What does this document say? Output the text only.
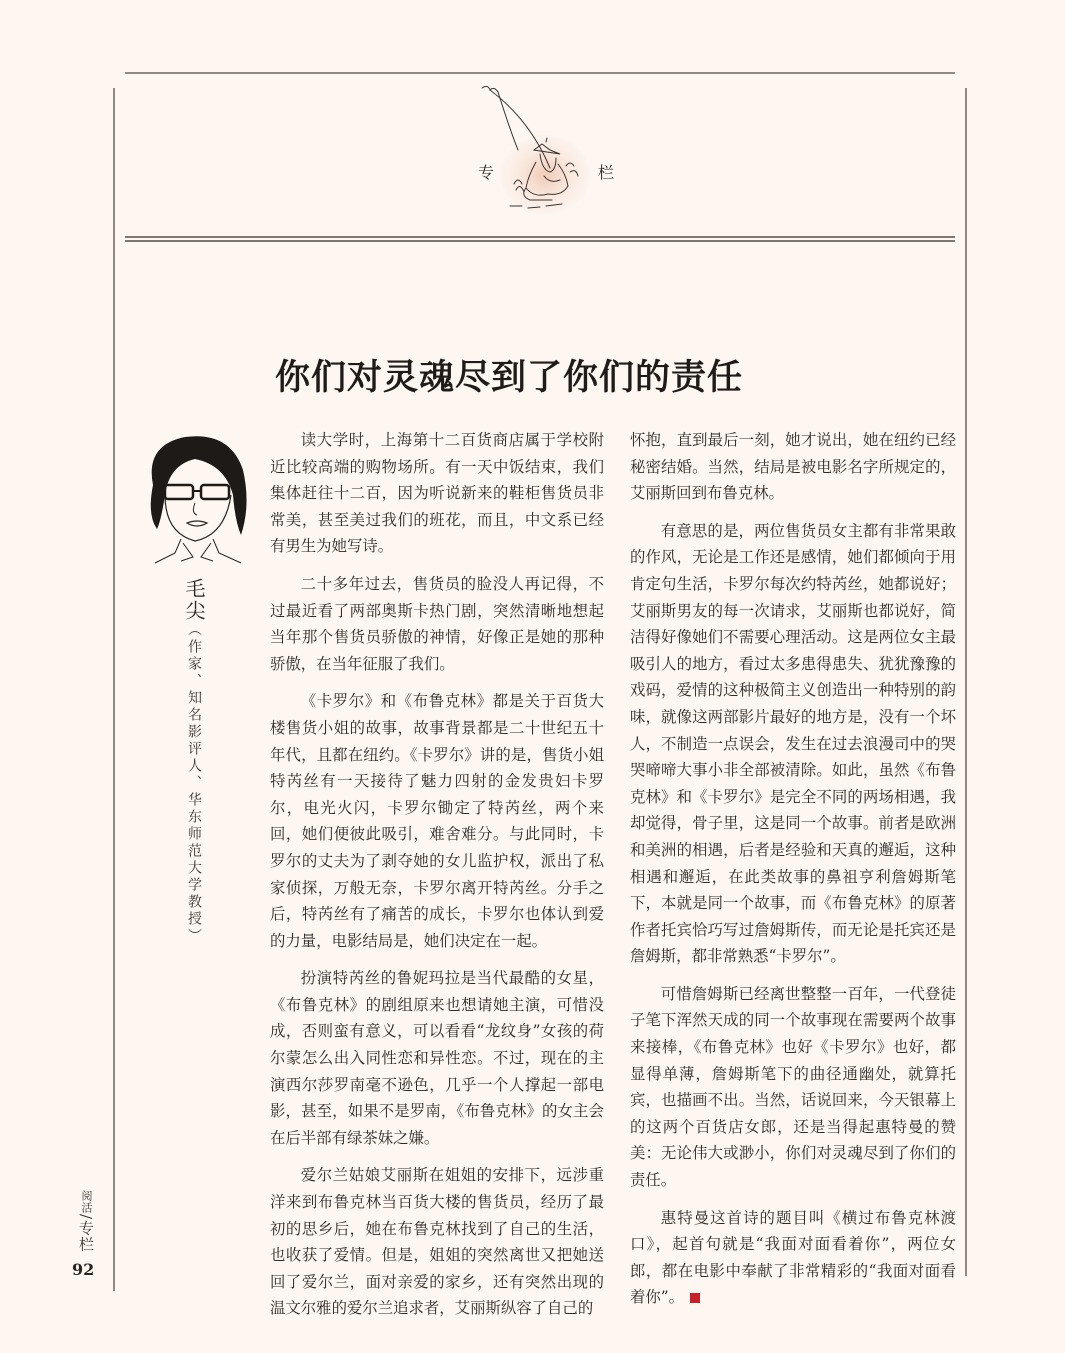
专	栏
你们对灵魂尽到了你们的责任
毛尖（作家、知名影评人、华东师范大学教授）

读大学时，上海第十二百货商店属于学校附近比较高端的购物场所。有一天中饭结束，我们集体赶往十二百，因为听说新来的鞋柜售货员非常美，甚至美过我们的班花，而且，中文系已经有男生为她写诗。

二十多年过去，售货员的脸没人再记得，不过最近看了两部奥斯卡热门剧，突然清晰地想起当年那个售货员骄傲的神情，好像正是她的那种骄傲，在当年征服了我们。

《卡罗尔》和《布鲁克林》都是关于百货大楼售货小姐的故事，故事背景都是二十世纪五十年代，且都在纽约。《卡罗尔》讲的是，售货小姐特芮丝有一天接待了魅力四射的金发贵妇卡罗尔，电光火闪，卡罗尔锄定了特芮丝，两个来回，她们便彼此吸引，难舍难分。与此同时，卡罗尔的丈夫为了剥夺她的女儿监护权，派出了私家侦探，万般无奈，卡罗尔离开特芮丝。分手之后，特芮丝有了痛苦的成长，卡罗尔也体认到爱的力量，电影结局是，她们决定在一起。

扮演特芮丝的鲁妮玛拉是当代最酷的女星，《布鲁克林》的剧组原来也想请她主演，可惜没成，否则蛮有意义，可以看看“龙纹身”女孩的荷尔蒙怎么出入同性恋和异性恋。不过，现在的主演西尔莎罗南毫不逊色，几乎一个人撑起一部电影，甚至，如果不是罗南，《布鲁克林》的女主会在后半部有绿茶妹之嫌。

爱尔兰姑娘艾丽斯在姐姐的安排下，远涉重洋来到布鲁克林当百货大楼的售货员，经历了最初的思乡后，她在布鲁克林找到了自己的生活，也收获了爱情。但是，姐姐的突然离世又把她送回了爱尔兰，面对亲爱的家乡，还有突然出现的温文尔雅的爱尔兰追求者，艾丽斯纵容了自己的

怀抱，直到最后一刻，她才说出，她在纽约已经秘密结婚。当然，结局是被电影名字所规定的，艾丽斯回到布鲁克林。

有意思的是，两位售货员女主都有非常果敢的作风，无论是工作还是感情，她们都倾向于用肯定句生活，卡罗尔每次约特芮丝，她都说好；艾丽斯男友的每一次请求，艾丽斯也都说好，简洁得好像她们不需要心理活动。这是两位女主最吸引人的地方，看过太多患得患失、犹犹豫豫的戏码，爱情的这种极简主义创造出一种特别的韵味，就像这两部影片最好的地方是，没有一个坏人，不制造一点误会，发生在过去浪漫司中的哭哭啼啼大事小非全部被清除。如此，虽然《布鲁克林》和《卡罗尔》是完全不同的两场相遇，我却觉得，骨子里，这是同一个故事。前者是欧洲和美洲的相遇，后者是经验和天真的邂逅，这种相遇和邂逅，在此类故事的鼻祖亨利詹姆斯笔下，本就是同一个故事，而《布鲁克林》的原著作者托宾恰巧写过詹姆斯传，而无论是托宾还是詹姆斯，都非常熟悉“卡罗尔”。

可惜詹姆斯已经离世整整一百年，一代登徒子笔下浑然天成的同一个故事现在需要两个故事来接棒，《布鲁克林》也好《卡罗尔》也好，都显得单薄，詹姆斯笔下的曲径通幽处，就算托宾，也描画不出。当然，话说回来，今天银幕上的这两个百货店女郎，还是当得起惠特曼的赞美：无论伟大或渺小，你们对灵魂尽到了你们的责任。

惠特曼这首诗的题目叫《横过布鲁克林渡口》，起首句就是“我面对面看着你”，两位女郎，都在电影中奉献了非常精彩的“我面对面看着你”。

阅活/专栏
92
